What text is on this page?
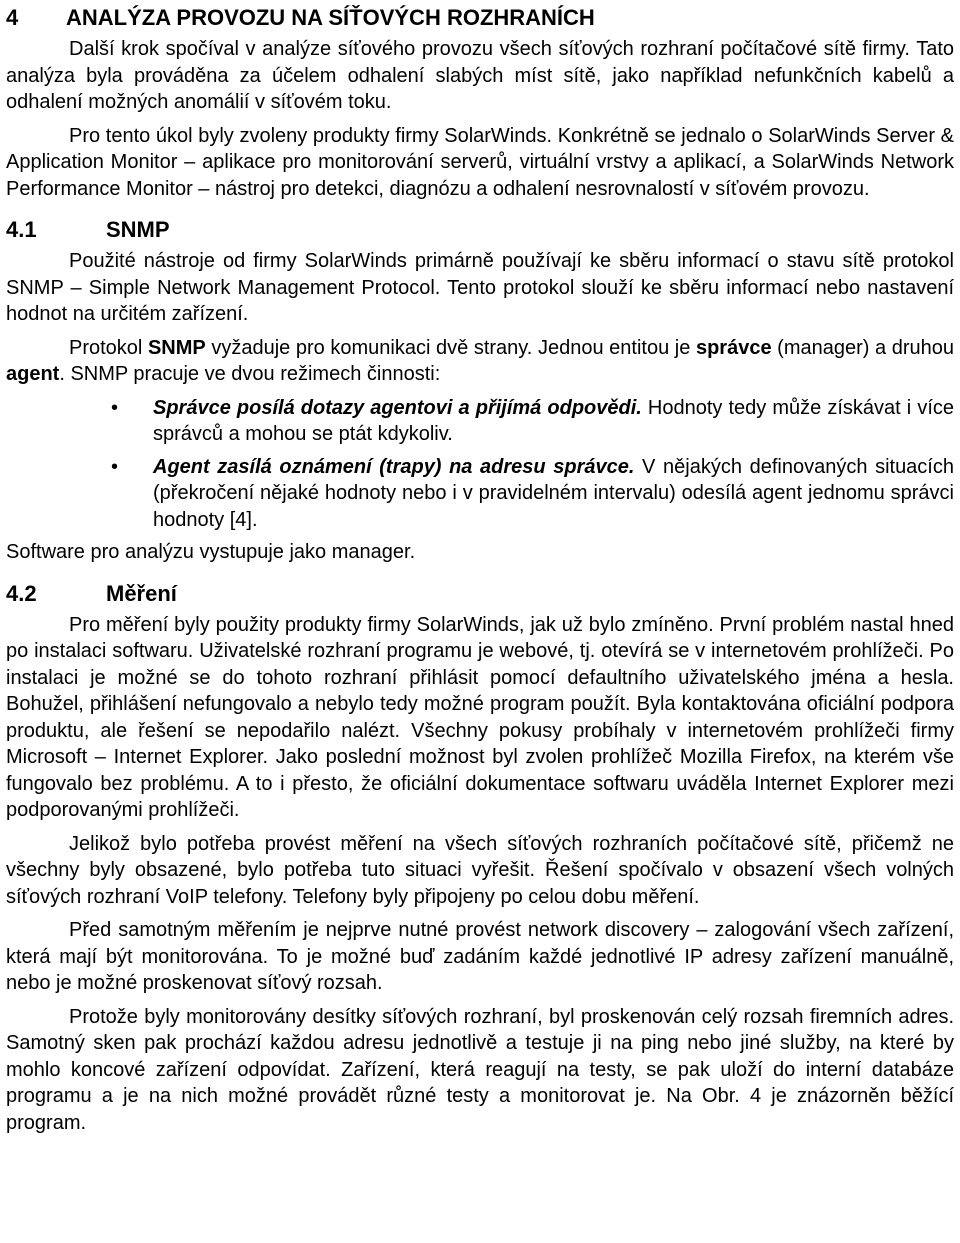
4 ANALÝZA PROVOZU NA SÍŤOVÝCH ROZHRANÍCH

Další krok spočíval v analýze síťového provozu všech síťových rozhraní počítačové sítě firmy. Tato analýza byla prováděna za účelem odhalení slabých míst sítě, jako například nefunkčních kabelů a odhalení možných anomálií v síťovém toku.

Pro tento úkol byly zvoleny produkty firmy SolarWinds. Konkrétně se jednalo o SolarWinds Server & Application Monitor – aplikace pro monitorování serverů, virtuální vrstvy a aplikací, a SolarWinds Network Performance Monitor – nástroj pro detekci, diagnózu a odhalení nesrovnalostí v síťovém provozu.

4.1	SNMP

Použité nástroje od firmy SolarWinds primárně používají ke sběru informací o stavu sítě protokol SNMP – Simple Network Management Protocol. Tento protokol slouží ke sběru informací nebo nastavení hodnot na určitém zařízení.

Protokol SNMP vyžaduje pro komunikaci dvě strany. Jednou entitou je správce (manager) a druhou agent. SNMP pracuje ve dvou režimech činnosti:

• Správce posílá dotazy agentovi a přijímá odpovědi. Hodnoty tedy může získávat i více správců a mohou se ptát kdykoliv.
• Agent zasílá oznámení (trapy) na adresu správce. V nějakých definovaných situacích (překročení nějaké hodnoty nebo i v pravidelném intervalu) odesílá agent jednomu správci hodnoty [4].

Software pro analýzu vystupuje jako manager.

4.2	Měření

Pro měření byly použity produkty firmy SolarWinds, jak už bylo zmíněno. První problém nastal hned po instalaci softwaru. Uživatelské rozhraní programu je webové, tj. otevírá se v internetovém prohlížeči. Po instalaci je možné se do tohoto rozhraní přihlásit pomocí defaultního uživatelského jména a hesla. Bohužel, přihlášení nefungovalo a nebylo tedy možné program použít. Byla kontaktována oficiální podpora produktu, ale řešení se nepodařilo nalézt. Všechny pokusy probíhaly v internetovém prohlížeči firmy Microsoft – Internet Explorer. Jako poslední možnost byl zvolen prohlížeč Mozilla Firefox, na kterém vše fungovalo bez problému. A to i přesto, že oficiální dokumentace softwaru uváděla Internet Explorer mezi podporovanými prohlížeči.

Jelikož bylo potřeba provést měření na všech síťových rozhraních počítačové sítě, přičemž ne všechny byly obsazené, bylo potřeba tuto situaci vyřešit. Řešení spočívalo v obsazení všech volných síťových rozhraní VoIP telefony. Telefony byly připojeny po celou dobu měření.

Před samotným měřením je nejprve nutné provést network discovery – zalogování všech zařízení, která mají být monitorována. To je možné buď zadáním každé jednotlivé IP adresy zařízení manuálně, nebo je možné proskenovat síťový rozsah.

Protože byly monitorovány desítky síťových rozhraní, byl proskenován celý rozsah firemních adres. Samotný sken pak prochází každou adresu jednotlivě a testuje ji na ping nebo jiné služby, na které by mohlo koncové zařízení odpovídat. Zařízení, která reagují na testy, se pak uloží do interní databáze programu a je na nich možné provádět různé testy a monitorovat je. Na Obr. 4 je znázorněn běžící program.
